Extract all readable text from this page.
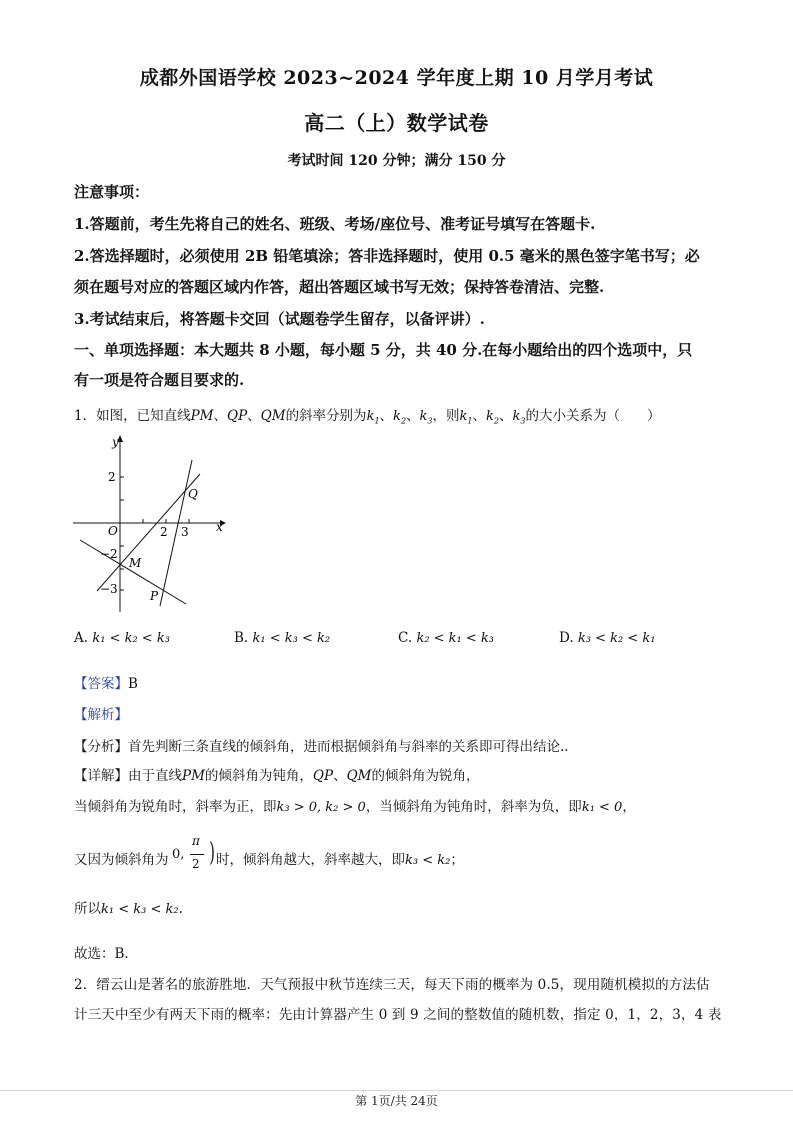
成都外国语学校 2023~2024 学年度上期 10 月学月考试
高二（上）数学试卷
考试时间 120 分钟；满分 150 分
注意事项：
1.答题前，考生先将自己的姓名、班级、考场/座位号、准考证号填写在答题卡.
2.答选择题时，必须使用 2B 铅笔填涂；答非选择题时，使用 0.5 毫米的黑色签字笔书写；必
须在题号对应的答题区域内作答，超出答题区域书写无效；保持答卷清洁、完整.
3.考试结束后，将答题卡交回（试题卷学生留存，以备评讲）.
一、单项选择题：本大题共 8 小题，每小题 5 分，共 40 分.在每小题给出的四个选项中，只
有一项是符合题目要求的.
1．如图，已知直线PM、QP、QM的斜率分别为$k_1$、$k_2$、$k_3$，则$k_1$、$k_2$、$k_3$的大小关系为（　　）
y
x
O
2
−2
−3
2 3
Q
M
P
A. k₁ < k₂ < k₃	B. k₁ < k₃ < k₂	C. k₂ < k₁ < k₃	D. k₃ < k₂ < k₁
【答案】B
【解析】
【分析】首先判断三条直线的倾斜角，进而根据倾斜角与斜率的关系即可得出结论..
【详解】由于直线PM的倾斜角为钝角，QP、QM的倾斜角为锐角，
当倾斜角为锐角时，斜率为正，即k₃ > 0, k₂ > 0，当倾斜角为钝角时，斜率为负，即k₁ < 0，
又因为倾斜角为 0,
π
2 ) 时，倾斜角越大，斜率越大，即k₃ < k₂；
所以k₁ < k₃ < k₂.
故选：B.
2．缙云山是著名的旅游胜地．天气预报中秋节连续三天，每天下雨的概率为 0.5，现用随机模拟的方法估
计三天中至少有两天下雨的概率：先由计算器产生 0 到 9 之间的整数值的随机数，指定 0，1，2，3，4 表
第 1页/共 24页
